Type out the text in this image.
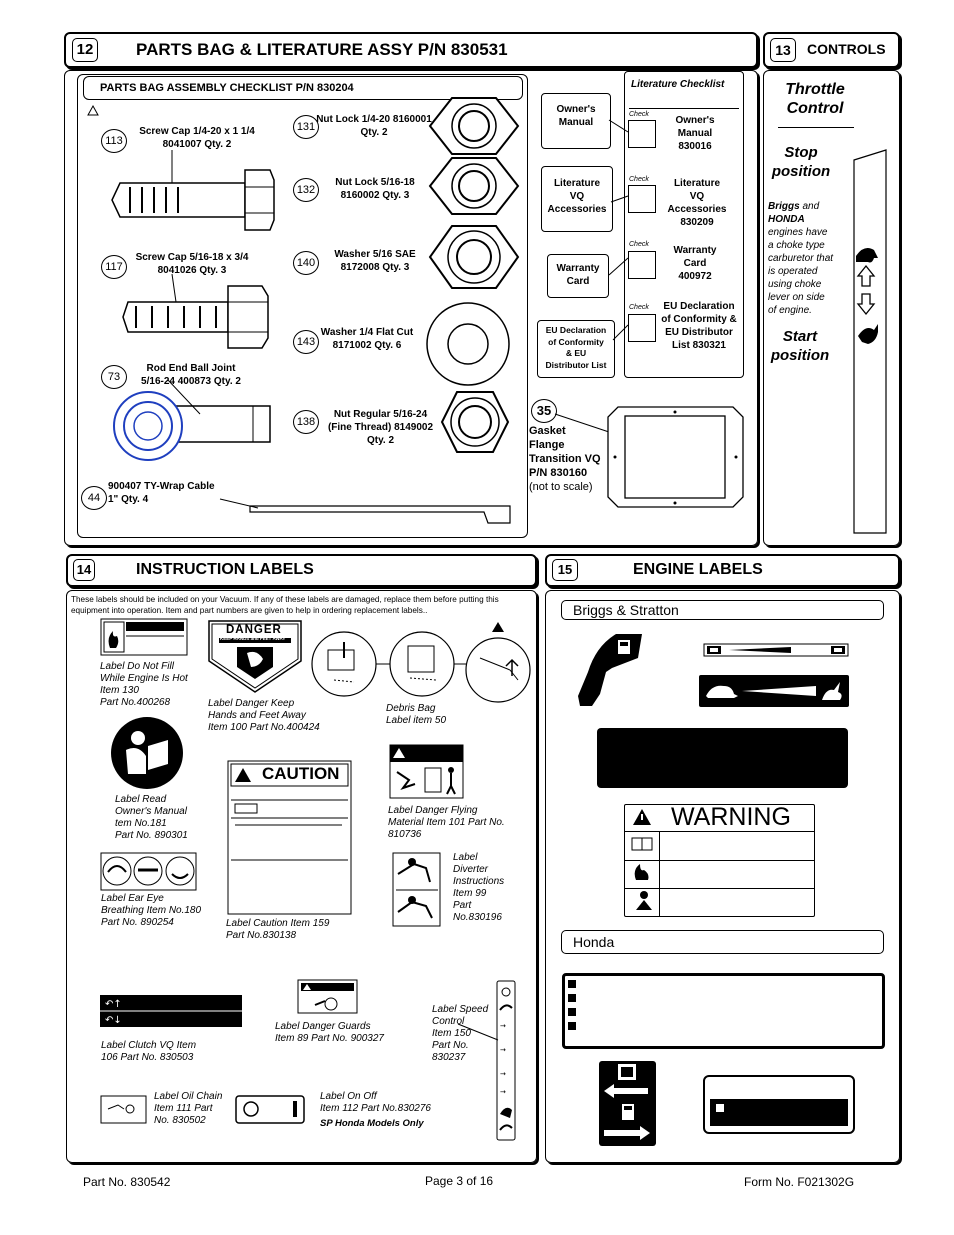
12	PARTS BAG & LITERATURE ASSY P/N 830531	13	CONTROLS
PARTS BAG ASSEMBLY CHECKLIST P/N 830204
113
Screw Cap 1/4-20 x 1 1/4
8041007 Qty. 2
117
Screw Cap 5/16-18 x 3/4
8041026 Qty. 3
73
Rod End Ball Joint
5/16-24 400873 Qty. 2
44
900407 TY-Wrap Cable
1" Qty. 4
131
Nut Lock 1/4-20 8160001
Qty. 2
132
Nut Lock 5/16-18
8160002 Qty. 3
140
Washer 5/16 SAE
8172008 Qty. 3
143
Washer 1/4 Flat Cut
8171002 Qty. 6
138
Nut Regular 5/16-24
(Fine Thread) 8149002
Qty. 2
Owner's
Manual
Literature
VQ
Accessories
Warranty
Card
EU Declaration
of Conformity
& EU
Distributor List
Literature Checklist
Check
Owner's
Manual
830016
Check	Literature
VQ
Accessories
830209
Check
Warranty
Card
400972
Check	EU Declaration
of Conformity &
EU Distributor
List 830321
35
Gasket
Flange
Transition VQ
P/N 830160
(not to scale)
Throttle
Control
Stop
position
Briggs and
HONDA
engines have
a choke type
carburetor that
is operated
using choke
lever on side
of engine.
Start
position
14	INSTRUCTION LABELS
These labels should be included on your Vacuum. If any of these labels are damaged, replace them before putting this equipment into operation. Item and part numbers are given to help in ordering replacement labels..
Label Do Not Fill
While Engine Is Hot
Item 130
Part No.400268
DANGER
KEEP HANDS and FEET AWAY
Label Danger Keep
Hands and Feet Away
Item 100 Part No.400424
Debris Bag
Label item 50
Label Read
Owner's Manual
tem No.181
Part No. 890301
Label Ear Eye
Breathing Item No.180
Part No. 890254
CAUTION
Label Caution Item 159
Part No.830138
Label Danger Flying
Material Item 101 Part No.
810736
Label
Diverter
Instructions
Item 99
Part
No.830196
↶↑
↶↓
Label Clutch VQ Item
106 Part No. 830503
Label Danger Guards
Item 89 Part No. 900327
→
→
→
→
Label Speed
Control
Item 150
Part No.
830237
Label Oil Chain
Item 111 Part
No. 830502
Label On Off
Item 112 Part No.830276
SP Honda Models Only
15	ENGINE LABELS
Briggs & Stratton
WARNING
Honda
Part No. 830542	Page 3 of 16	Form No. F021302G
